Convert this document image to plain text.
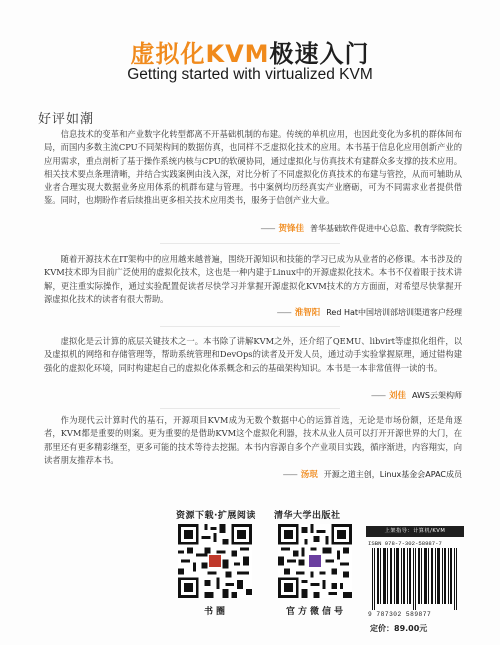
虚拟化KVM极速入门
Getting started with virtualized KVM
好评如潮

信息技术的变革和产业数字化转型都离不开基础机制的布建。传统的单机应用，也因此变化为多机的群体间布局，而国内多数主流CPU不同架构间的数据仿真，也同样不乏虚拟化技术的应用。本书基于信息化应用创新产业的应用需求，重点剖析了基于操作系统内核与CPU的软硬协同，通过虚拟化与仿真技术有建群众多支撑的技术应用。相关技术要点条理清晰，并结合实践案例由浅入深，对比分析了不同虚拟化仿真技术的布建与管控，从而可辅助从业者合理实现大数据业务应用体系的机群布建与管理。书中案例均历经真实产业磨砺，可为不同需求业者提供借鉴。同时，也期盼作者后续推出更多相关技术应用类书，服务于信创产业大业。

—— 贺锋佳 普华基础软件促进中心总监、教育学院院长

随着开源技术在IT架构中的应用越来越普遍，围绕开源知识和技能的学习已成为从业者的必修课。本书涉及的KVM技术即为目前广泛使用的虚拟化技术，这也是一种内建于Linux中的开源虚拟化技术。本书不仅着眼于技术讲解，更注重实际操作，通过实验配置促读者尽快学习并掌握开源虚拟化KVM技术的方方面面，对希望尽快掌握开源虚拟化技术的读者有很大帮助。

—— 淮智阳 Red Hat中国培训部培训渠道客户经理

虚拟化是云计算的底层关键技术之一。本书除了讲解KVM之外，还介绍了QEMU、libvirt等虚拟化组件，以及虚拟机的网络和存储管理等，帮助系统管理和DevOps的读者及开发人员，通过动手实验掌握原理，通过错构建强化的虚拟化环境，同时构建起自己的虚拟化体系概念和云的基础架构知识。本书是一本非常值得一读的书。

—— 刘佳 AWS云架构师

作为现代云计算时代的基石，开源项目KVM成为无数个数据中心的运算首选，无论是市场份额，还是角逐者，KVM都是重要的则案。更为重要的是借助KVM这个虚拟化利器，技术从业人员可以打开开源世界的大门，在那里还有更多精彩继至，更多可能的技术等待去挖掘。本书内容源自多个产业项目实践，循序渐进，内容翔实，向读者朋友推荐本书。

—— 汤珉 开源之道主创，Linux基金会APAC成员
资源下载·扩展阅读 清华大学出版社
书圈	官方微信号
上架指导：计算机/KVM
ISBN 978-7-302-58987-7
9 787302 589877
定价：89.00元
